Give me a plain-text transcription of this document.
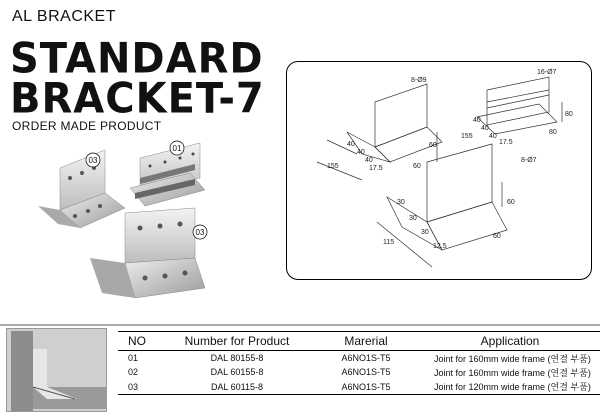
AL BRACKET
STANDARD
BRACKET-7
ORDER MADE PRODUCT
03
01
03
8-Ø9
16-Ø7
8-Ø7
40
40
40
17.5
155
60
60
40
40
40
17.5
155
80
80
30
30
30
12.5
115
60
60
NO	Number for Product	Marerial	Application
01	DAL 80155-8	A6NO1S-T5	Joint for 160mm wide frame (연결 부품)
02	DAL 60155-8	A6NO1S-T5	Joint for 160mm wide frame (연결 부품)
03	DAL 60115-8	A6NO1S-T5	Joint for 120mm wide frame (연결 부품)
